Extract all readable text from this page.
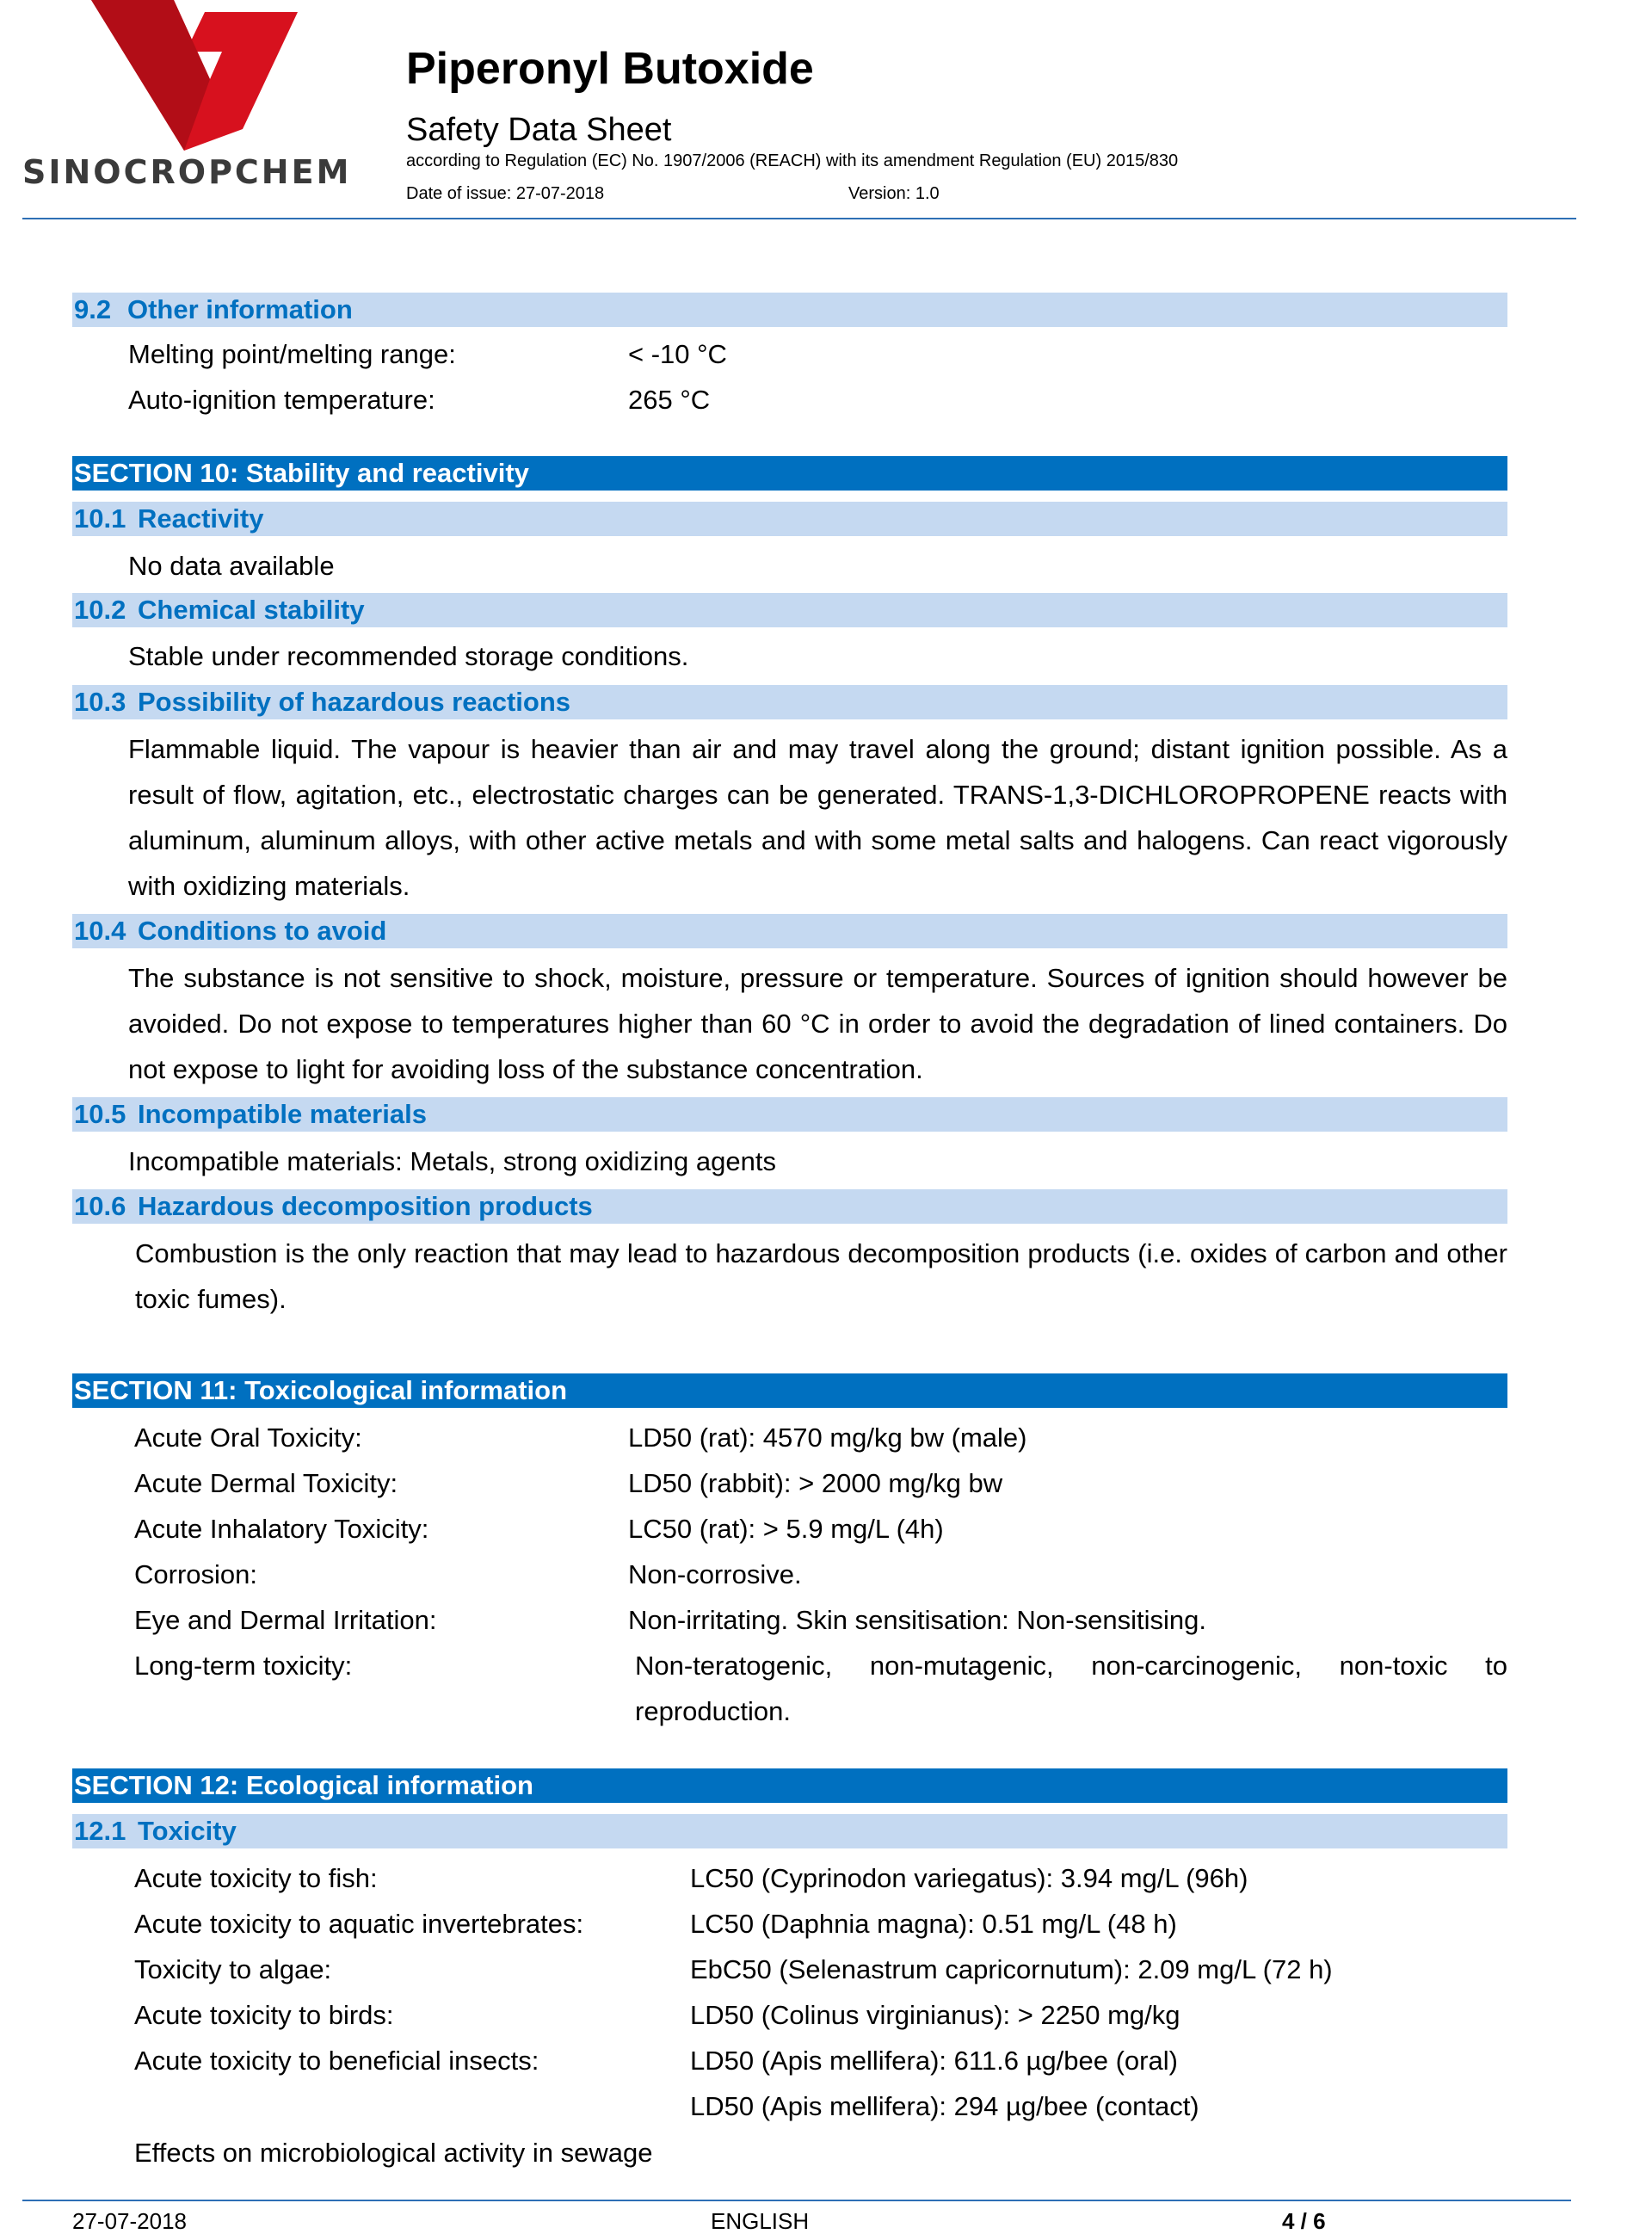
SINOCROPCHEM
Piperonyl Butoxide
Safety Data Sheet
according to Regulation (EC) No. 1907/2006 (REACH) with its amendment Regulation (EU) 2015/830
Date of issue: 27-07-2018	Version: 1.0
9.2 Other information
Melting point/melting range:	< -10 °C
Auto-ignition temperature:	265 °C
SECTION 10: Stability and reactivity
10.1 Reactivity
No data available
10.2 Chemical stability
Stable under recommended storage conditions.
10.3 Possibility of hazardous reactions
Flammable liquid. The vapour is heavier than air and may travel along the ground; distant ignition possible. As a result of flow, agitation, etc., electrostatic charges can be generated. TRANS-1,3-DICHLOROPROPENE reacts with aluminum, aluminum alloys, with other active metals and with some metal salts and halogens. Can react vigorously with oxidizing materials.
10.4 Conditions to avoid
The substance is not sensitive to shock, moisture, pressure or temperature. Sources of ignition should however be avoided. Do not expose to temperatures higher than 60 °C in order to avoid the degradation of lined containers. Do not expose to light for avoiding loss of the substance concentration.
10.5 Incompatible materials
Incompatible materials: Metals, strong oxidizing agents
10.6 Hazardous decomposition products
Combustion is the only reaction that may lead to hazardous decomposition products (i.e. oxides of carbon and other toxic fumes).
SECTION 11: Toxicological information
Acute Oral Toxicity:	LD50 (rat): 4570 mg/kg bw (male)
Acute Dermal Toxicity:	LD50 (rabbit): > 2000 mg/kg bw
Acute Inhalatory Toxicity:	LC50 (rat): > 5.9 mg/L (4h)
Corrosion:	Non-corrosive.
Eye and Dermal Irritation:	Non-irritating. Skin sensitisation: Non-sensitising.
Long-term toxicity:	Non-teratogenic, non-mutagenic, non-carcinogenic, non-toxic to reproduction.
SECTION 12: Ecological information
12.1 Toxicity
Acute toxicity to fish:	LC50 (Cyprinodon variegatus): 3.94 mg/L (96h)
Acute toxicity to aquatic invertebrates:	LC50 (Daphnia magna): 0.51 mg/L (48 h)
Toxicity to algae:	EbC50 (Selenastrum capricornutum): 2.09 mg/L (72 h)
Acute toxicity to birds:	LD50 (Colinus virginianus): > 2250 mg/kg
Acute toxicity to beneficial insects:	LD50 (Apis mellifera): 611.6 µg/bee (oral)
LD50 (Apis mellifera): 294 µg/bee (contact)
Effects on microbiological activity in sewage
27-07-2018	ENGLISH	4 / 6
